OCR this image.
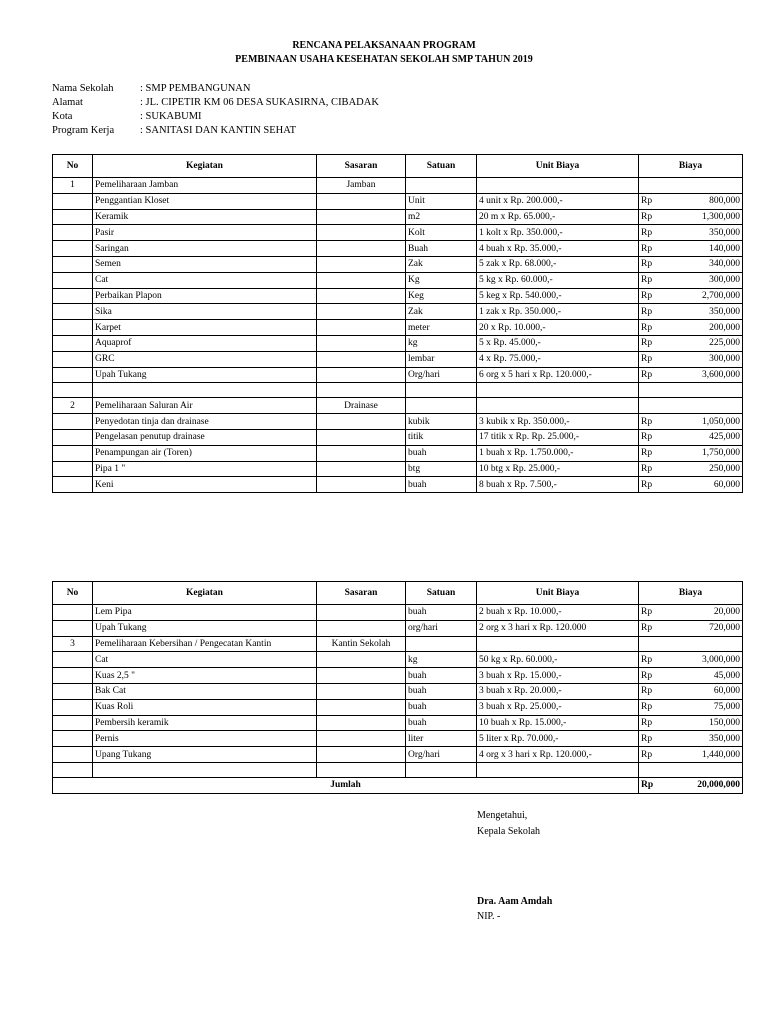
RENCANA PELAKSANAAN PROGRAM
PEMBINAAN USAHA KESEHATAN SEKOLAH SMP TAHUN 2019
Nama Sekolah	: SMP PEMBANGUNAN
Alamat	: JL. CIPETIR KM 06 DESA SUKASIRNA, CIBADAK
Kota	: SUKABUMI
Program Kerja	: SANITASI DAN KANTIN SEHAT
No	Kegiatan	Sasaran	Satuan	Unit Biaya	Biaya	
1	Pemeliharaan Jamban	Jamban				
	Penggantian Kloset		Unit	4 unit x Rp. 200.000,-	Rp	800,000
	Keramik		m2	20 m x Rp. 65.000,-	Rp	1,300,000
	Pasir		Kolt	1 kolt x Rp. 350.000,-	Rp	350,000
	Saringan		Buah	4 buah x Rp. 35.000,-	Rp	140,000
	Semen		Zak	5 zak x Rp. 68.000,-	Rp	340,000
	Cat		Kg	5 kg x Rp. 60.000,-	Rp	300,000
	Perbaikan Plapon		Keg	5 keg x Rp. 540.000,-	Rp	2,700,000
	Sika		Zak	1 zak x Rp. 350.000,-	Rp	350,000
	Karpet		meter	20 x Rp. 10.000,-	Rp	200,000
	Aquaprof		kg	5 x Rp. 45.000,-	Rp	225,000
	GRC		lembar	4 x Rp. 75.000,-	Rp	300,000
	Upah Tukang		Org/hari	6 org x 5 hari x Rp. 120.000,-	Rp	3,600,000

2	Pemeliharaan Saluran Air	Drainase				
	Penyedotan tinja dan drainase		kubik	3 kubik x Rp. 350.000,-	Rp	1,050,000
	Pengelasan penutup drainase		titik	17 titik x Rp. Rp. 25.000,-	Rp	425,000
	Penampungan air (Toren)		buah	1 buah x Rp. 1.750.000,-	Rp	1,750,000
	Pipa 1 "		btg	10 btg x Rp. 25.000,-	Rp	250,000
	Keni		buah	8 buah x Rp. 7.500,-	Rp	60,000
No	Kegiatan	Sasaran	Satuan	Unit Biaya	Biaya	
	Lem Pipa		buah	2 buah x Rp. 10.000,-	Rp	20,000
	Upah Tukang		org/hari	2 org x 3 hari x Rp. 120.000	Rp	720,000
3	Pemeliharaan Kebersihan / Pengecatan Kantin	Kantin Sekolah				
	Cat		kg	50 kg x Rp. 60.000,-	Rp	3,000,000
	Kuas 2,5 "		buah	3 buah x Rp. 15.000,-	Rp	45,000
	Bak Cat		buah	3 buah x Rp. 20.000,-	Rp	60,000
	Kuas Roli		buah	3 buah x Rp. 25.000,-	Rp	75,000
	Pembersih keramik		buah	10 buah x Rp. 15.000,-	Rp	150,000
	Pernis		liter	5 liter x Rp. 70.000,-	Rp	350,000
	Upang Tukang		Org/hari	4 org x 3 hari x Rp. 120.000,-	Rp	1,440,000

Jumlah					Rp	20,000,000
Mengetahui,
Kepala Sekolah
Dra. Aam Amdah
NIP. -
